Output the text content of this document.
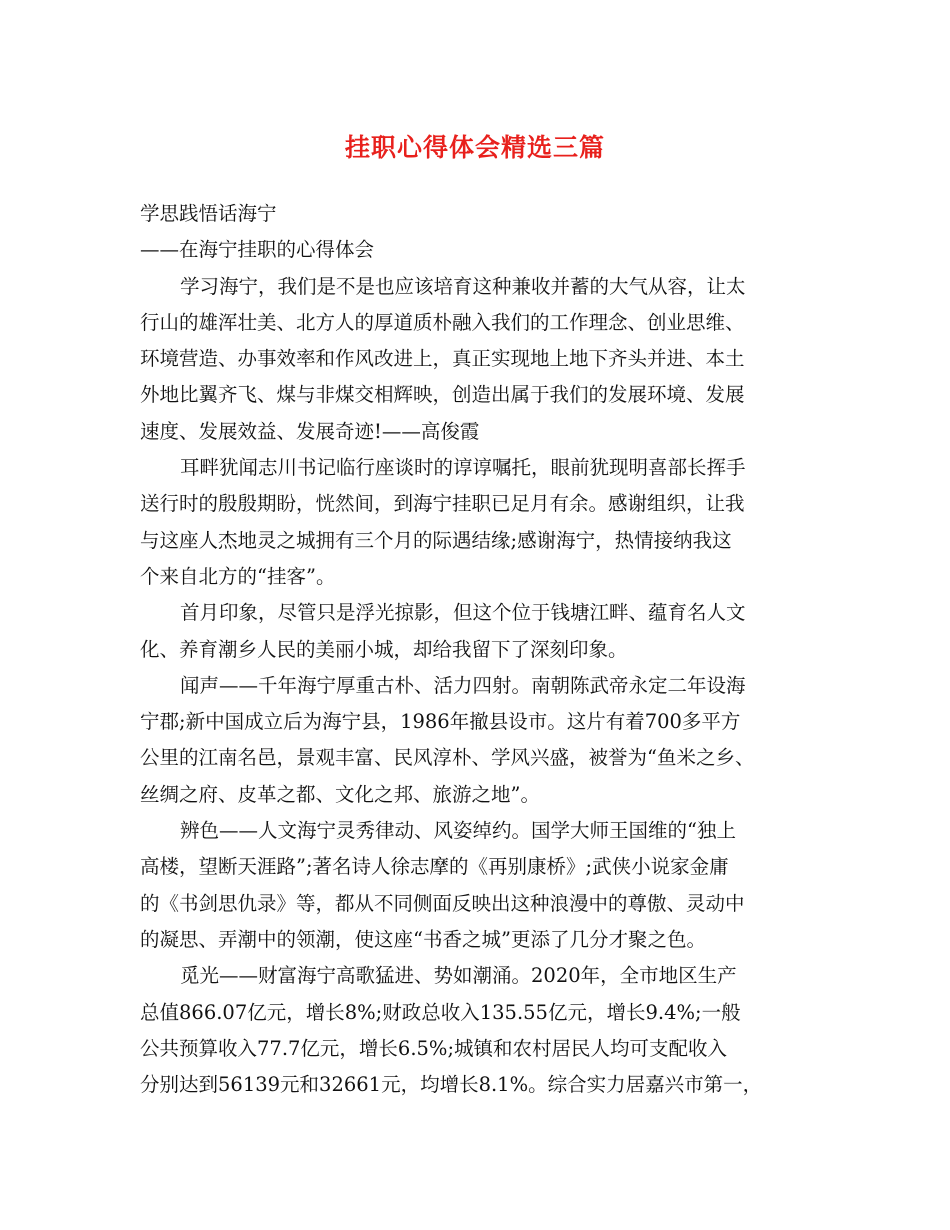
挂职心得体会精选三篇
学思践悟话海宁
——在海宁挂职的心得体会
学习海宁，我们是不是也应该培育这种兼收并蓄的大气从容，让太
行山的雄浑壮美、北方人的厚道质朴融入我们的工作理念、创业思维、
环境营造、办事效率和作风改进上，真正实现地上地下齐头并进、本土
外地比翼齐飞、煤与非煤交相辉映，创造出属于我们的发展环境、发展
速度、发展效益、发展奇迹!——高俊霞
耳畔犹闻志川书记临行座谈时的谆谆嘱托，眼前犹现明喜部长挥手
送行时的殷殷期盼，恍然间，到海宁挂职已足月有余。感谢组织，让我
与这座人杰地灵之城拥有三个月的际遇结缘;感谢海宁，热情接纳我这
个来自北方的“挂客”。
首月印象，尽管只是浮光掠影，但这个位于钱塘江畔、蕴育名人文
化、养育潮乡人民的美丽小城，却给我留下了深刻印象。
闻声——千年海宁厚重古朴、活力四射。南朝陈武帝永定二年设海
宁郡;新中国成立后为海宁县，1986年撤县设市。这片有着700多平方
公里的江南名邑，景观丰富、民风淳朴、学风兴盛，被誉为“鱼米之乡、
丝绸之府、皮革之都、文化之邦、旅游之地”。
辨色——人文海宁灵秀律动、风姿绰约。国学大师王国维的“独上
高楼，望断天涯路”;著名诗人徐志摩的《再别康桥》;武侠小说家金庸
的《书剑思仇录》等，都从不同侧面反映出这种浪漫中的尊傲、灵动中
的凝思、弄潮中的领潮，使这座“书香之城”更添了几分才聚之色。
觅光——财富海宁高歌猛进、势如潮涌。2020年，全市地区生产
总值866.07亿元，增长8%;财政总收入135.55亿元，增长9.4%;一般
公共预算收入77.7亿元，增长6.5%;城镇和农村居民人均可支配收入
分别达到56139元和32661元，均增长8.1%。综合实力居嘉兴市第一，
